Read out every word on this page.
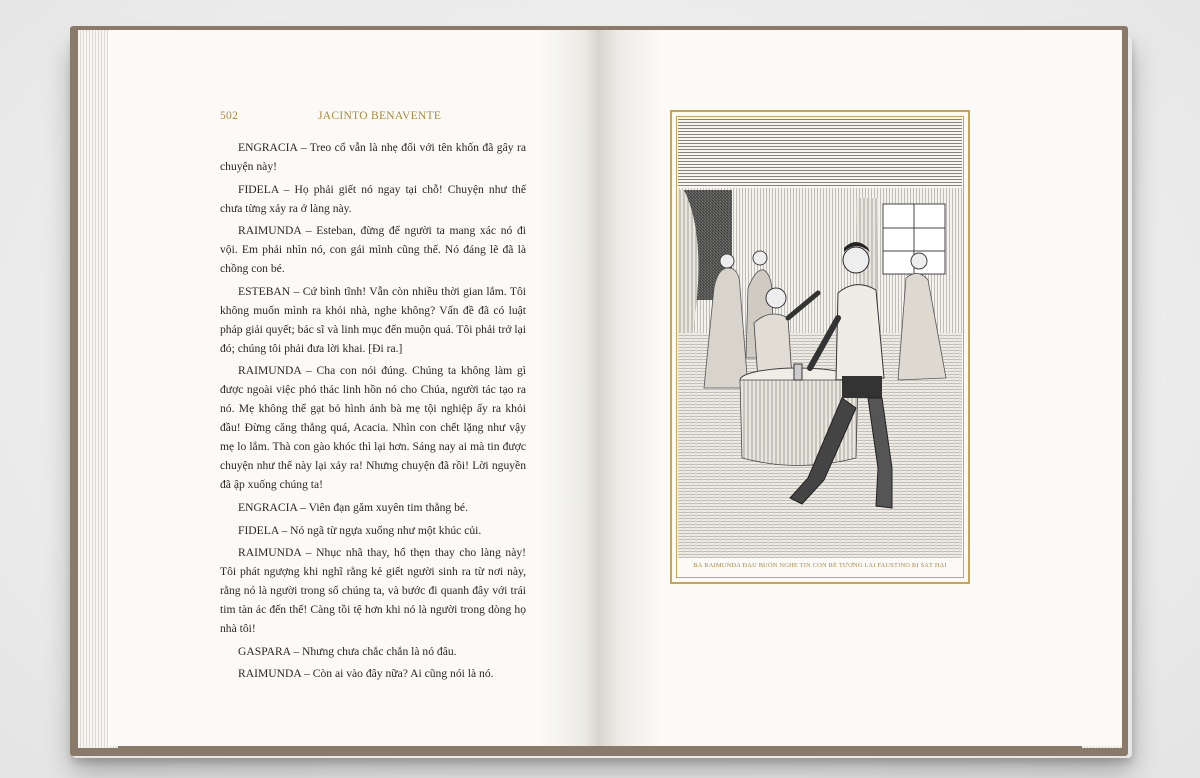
502	JACINTO BENAVENTE

ENGRACIA – Treo cổ vẫn là nhẹ đối với tên khốn đã gây ra chuyện này!

FIDELA – Họ phải giết nó ngay tại chỗ! Chuyện như thế chưa từng xảy ra ở làng này.

RAIMUNDA – Esteban, đừng để người ta mang xác nó đi vội. Em phải nhìn nó, con gái mình cũng thế. Nó đáng lẽ đã là chồng con bé.

ESTEBAN – Cứ bình tĩnh! Vẫn còn nhiều thời gian lắm. Tôi không muốn mình ra khỏi nhà, nghe không? Vấn đề đã có luật pháp giải quyết; bác sĩ và linh mục đến muộn quá. Tôi phải trở lại đó; chúng tôi phải đưa lời khai. [Đi ra.]

RAIMUNDA – Cha con nói đúng. Chúng ta không làm gì được ngoài việc phó thác linh hồn nó cho Chúa, người tác tạo ra nó. Mẹ không thể gạt bỏ hình ảnh bà mẹ tội nghiệp ấy ra khỏi đầu! Đừng căng thẳng quá, Acacia. Nhìn con chết lặng như vậy mẹ lo lắm. Thà con gào khóc thì lại hơn. Sáng nay ai mà tin được chuyện như thế này lại xảy ra! Nhưng chuyện đã rồi! Lời nguyền đã ập xuống chúng ta!

ENGRACIA – Viên đạn găm xuyên tim thằng bé.

FIDELA – Nó ngã từ ngựa xuống như một khúc củi.

RAIMUNDA – Nhục nhã thay, hổ thẹn thay cho làng này! Tôi phát ngượng khi nghĩ rằng kẻ giết người sinh ra từ nơi này, rằng nó là người trong số chúng ta, và bước đi quanh đây với trái tim tàn ác đến thế! Càng tồi tệ hơn khi nó là người trong dòng họ nhà tôi!

GASPARA – Nhưng chưa chắc chắn là nó đâu.

RAIMUNDA – Còn ai vào đây nữa? Ai cũng nói là nó.

BÀ RAIMUNDA ĐAU BUỒN NGHE TIN CON RỂ TƯƠNG LAI FAUSTINO BỊ SÁT HẠI
